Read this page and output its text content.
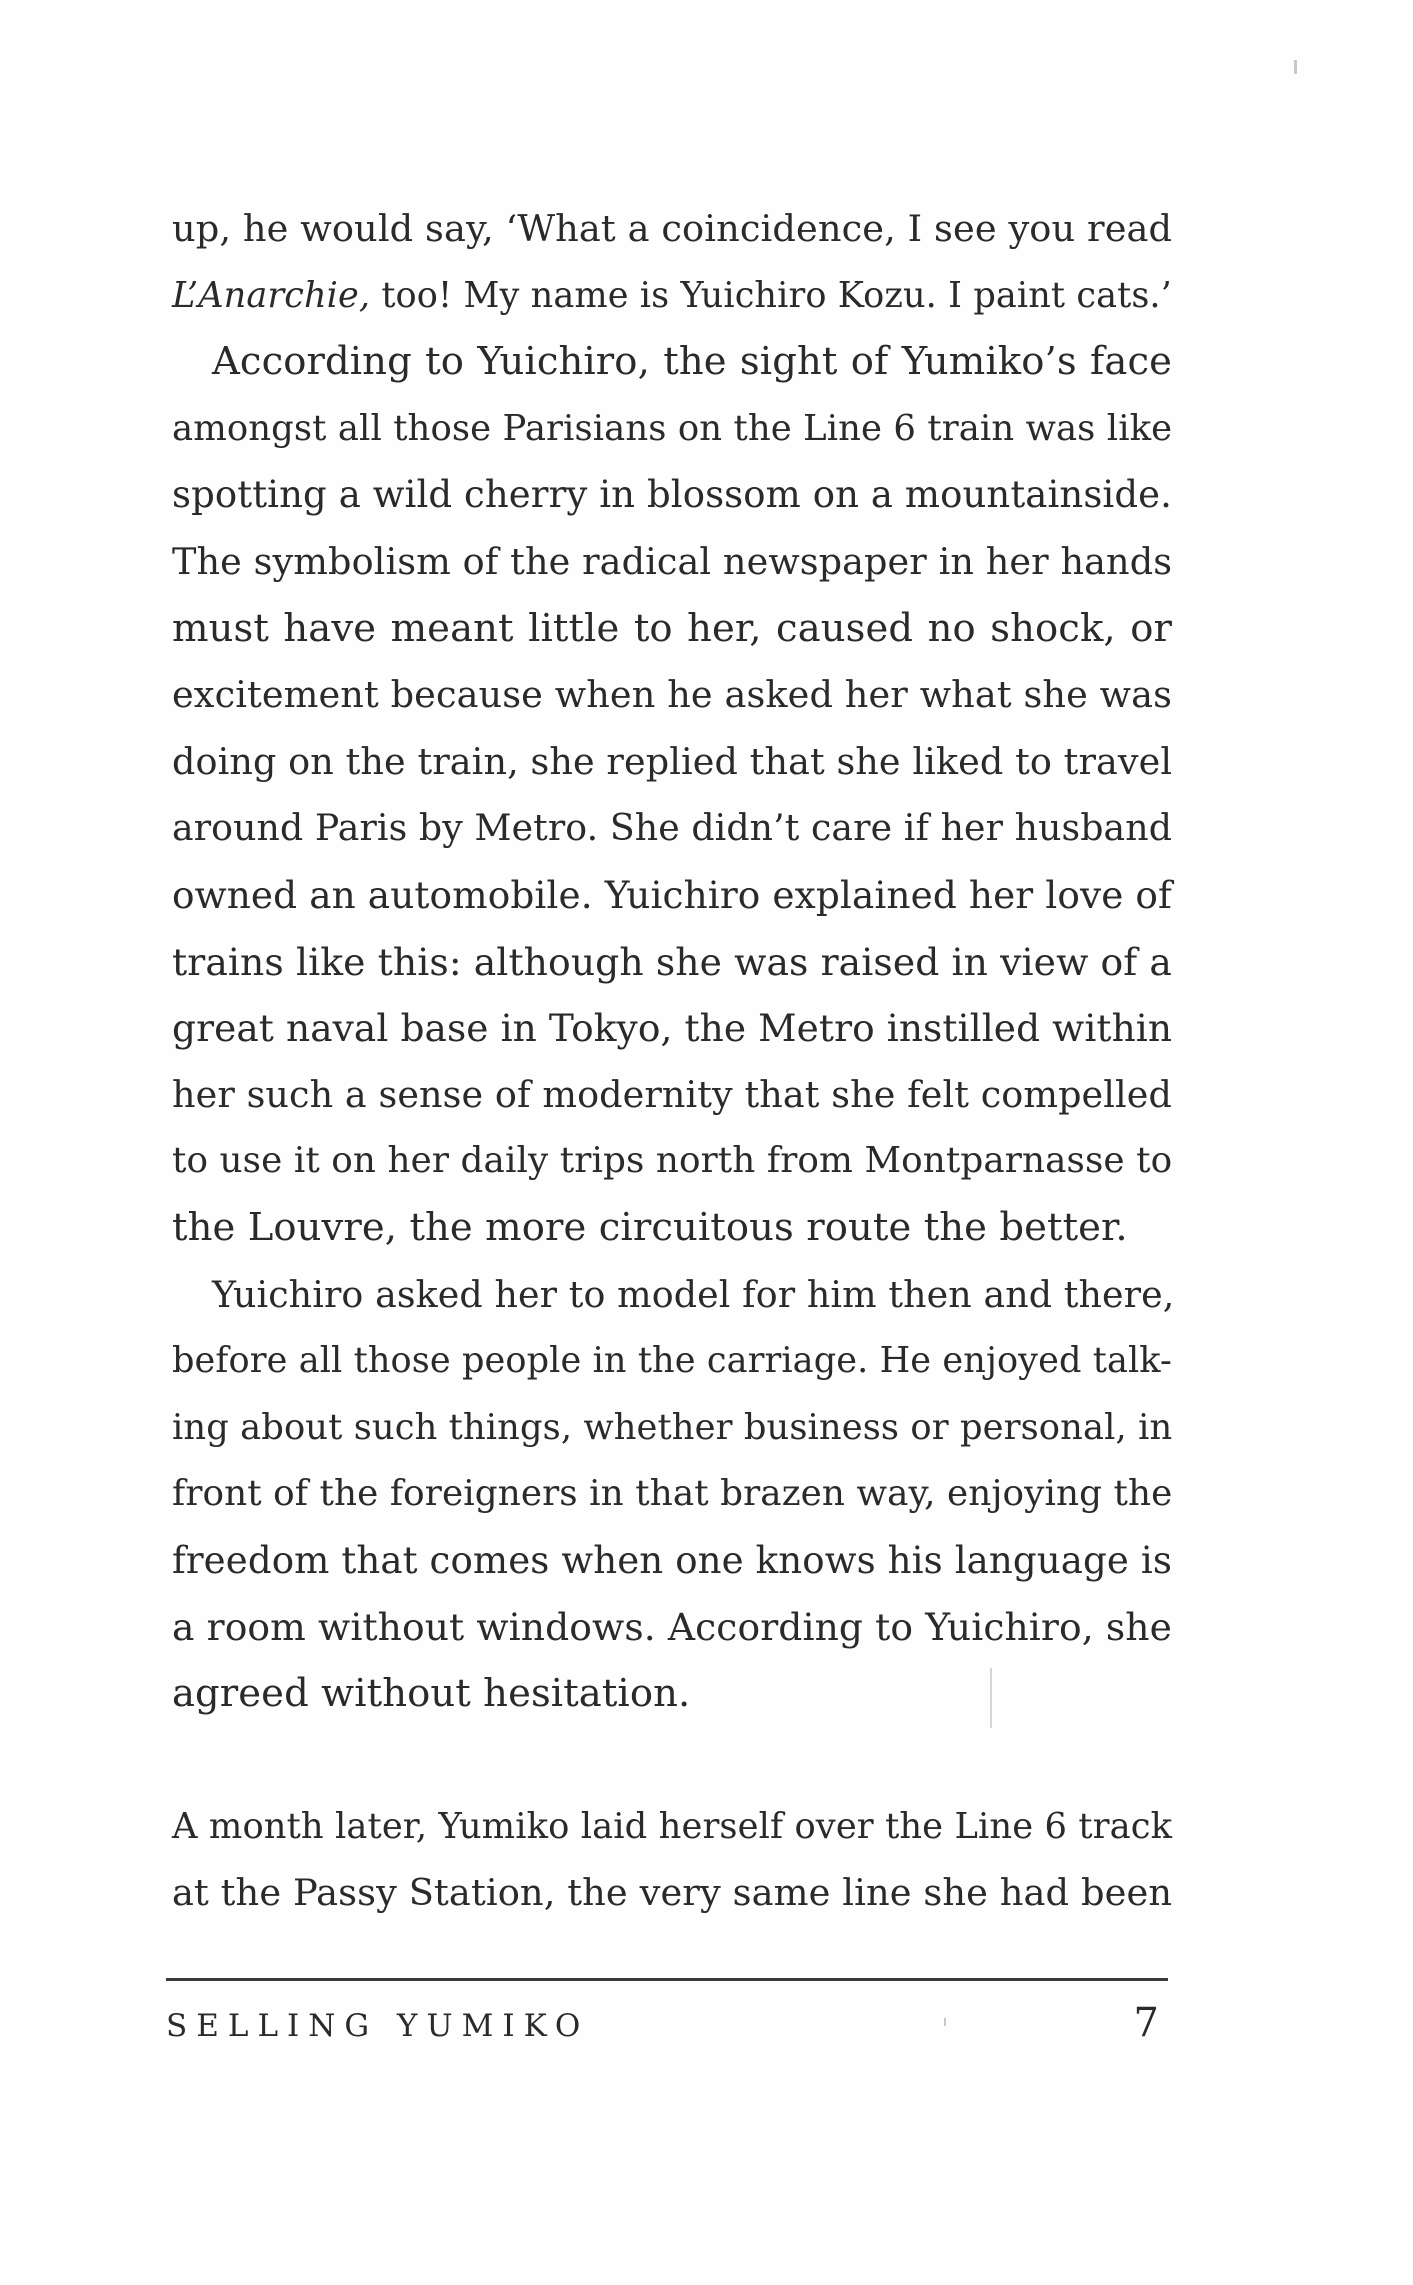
up, he would say, ‘What a coincidence, I see you read
L’Anarchie, too! My name is Yuichiro Kozu. I paint cats.’
According to Yuichiro, the sight of Yumiko’s face
amongst all those Parisians on the Line 6 train was like
spotting a wild cherry in blossom on a mountainside.
The symbolism of the radical newspaper in her hands
must have meant little to her, caused no shock, or
excitement because when he asked her what she was
doing on the train, she replied that she liked to travel
around Paris by Metro. She didn’t care if her husband
owned an automobile. Yuichiro explained her love of
trains like this: although she was raised in view of a
great naval base in Tokyo, the Metro instilled within
her such a sense of modernity that she felt compelled
to use it on her daily trips north from Montparnasse to
the Louvre, the more circuitous route the better.
Yuichiro asked her to model for him then and there,
before all those people in the carriage. He enjoyed talk-
ing about such things, whether business or personal, in
front of the foreigners in that brazen way, enjoying the
freedom that comes when one knows his language is
a room without windows. According to Yuichiro, she
agreed without hesitation.
A month later, Yumiko laid herself over the Line 6 track
at the Passy Station, the very same line she had been
SELLING YUMIKO	7
